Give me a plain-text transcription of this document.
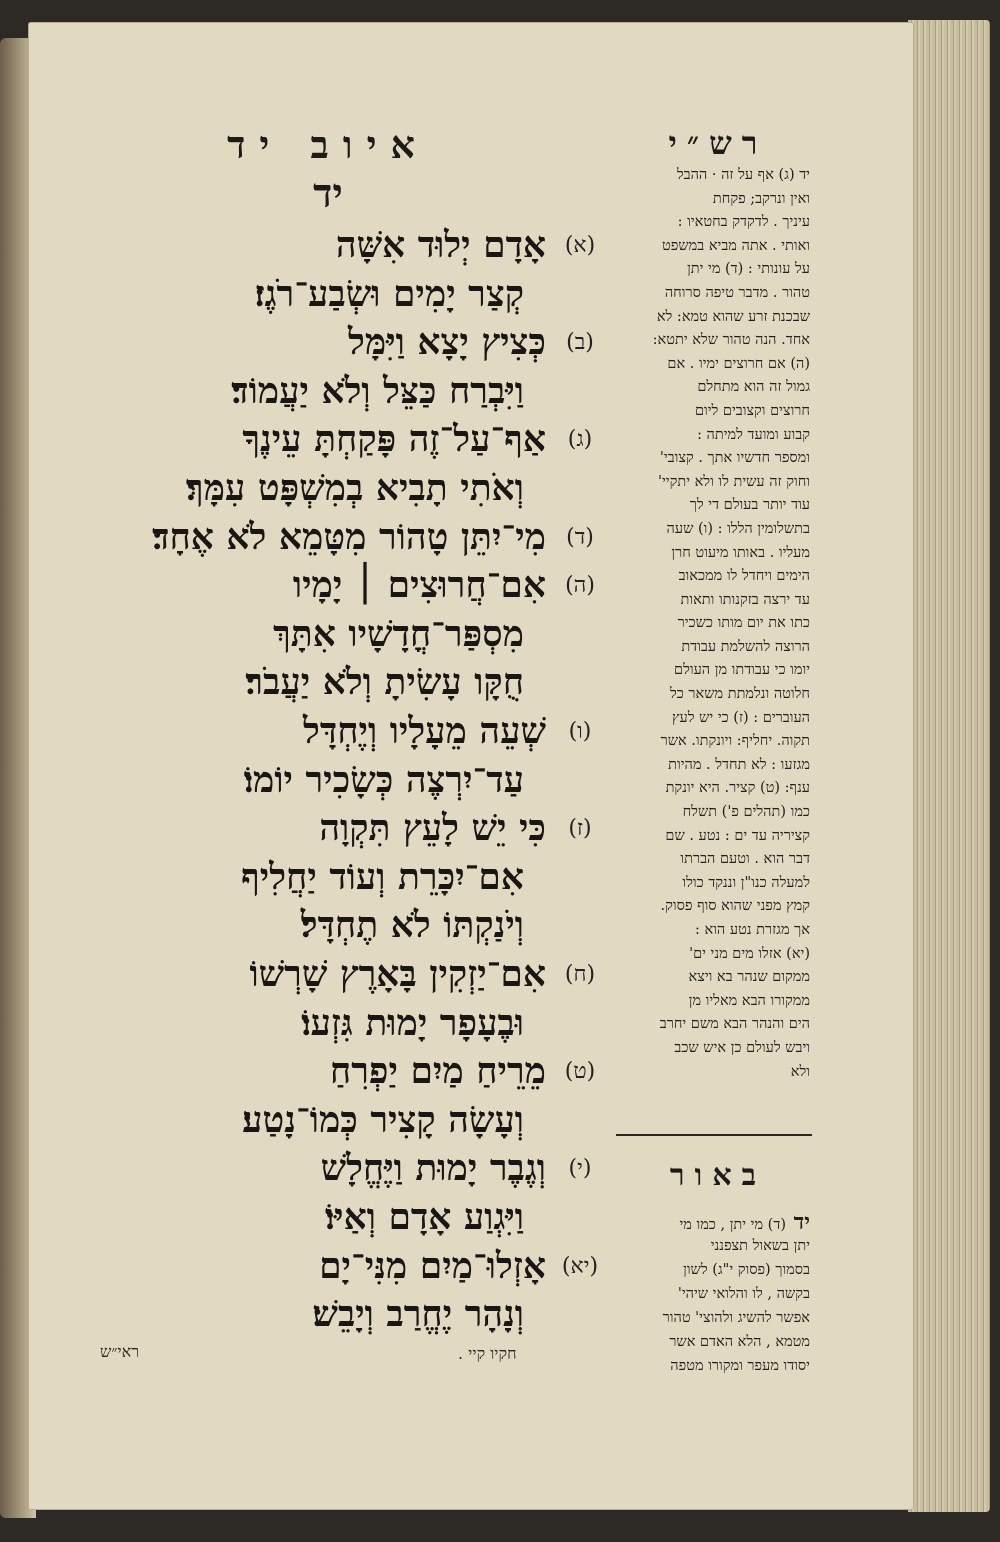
איוב יד
יד
רש״י
אָדָם יְלוּד אִשָּׁה (א)
קְצַר יָמִים וּשְׂבַע־רֹגֶז׃
כְּצִיץ יָצָא וַיִּמָּל (ב)
וַיִּבְרַח כַּצֵּל וְלֹא יַעֲמוֹד׃
אַף־עַל־זֶה פָּקַחְתָּ עֵינֶךָ (ג)
וְאֹתִי תָבִיא בְמִשְׁפָּט עִמָּךְ׃
מִי־יִתֵּן טָהוֹר מִטָּמֵא לֹא אֶחָד׃ (ד)
אִם־חֲרוּצִים ׀ יָמָיו (ה)
מִסְפַּר־חֳדָשָׁיו אִתָּךְ
חֻקָּו עָשִׂיתָ וְלֹא יַעֲבֹר׃
שְׁעֵה מֵעָלָיו וְיֶחְדָּל	(ו)
עַד־יִרְצֶה כְּשָׂכִיר יוֹמוֹ׃
כִּי יֵשׁ לָעֵץ תִּקְוָה	(ז)
אִם־יִכָּרֵת וְעוֹד יַחֲלִיף
וְיֹנַקְתּוֹ לֹא תֶחְדָּל׃
אִם־יַזְקִין בָּאָרֶץ שָׁרְשׁוֹ (ח)
וּבֶעָפָר יָמוּת גִּזְעוֹ׃
מֵרֵיחַ מַיִם יַפְרִחַ (ט)
וְעָשָׂה קָצִיר כְּמוֹ־נָטַע׃
וְגֶבֶר יָמוּת וַיֶּחֱלָשׁ	(י)
וַיִּגְוַע אָדָם וְאַיּוֹ׃
אָזְלוּ־מַיִם מִנִּי־יָם (יא)
וְנָהָר יֶחֱרַב וְיָבֵשׁ׃
יד (ג) אף על זה · ההבל
ואין ונרקב; פקחת
עיניך . לדקדק בחטאיו :
ואותי . אתה מביא במשפט
על עונותי : (ד) מי יתן
טהור . מדבר טיפה סרוחה
שבכנת זרע שהוא טמא: לא
אחד. הנה טהור שלא יתטא:
(ה) אם חרוצים ימיו . אם
גמול זה הוא מתחלם
חרוצים וקצובים ליום
קבוע ומועד למיתה :
ומספר חדשיו אתך . קצובי'
וחוק זה עשית לו ולא יתקיי'
עוד יותר בעולם די לך
בתשלומין הללו : (ו) שעה
מעליו . באותו מיעוט חרן
הימים ויחדל לו ממכאוב
עד ירצה בזקנותו ותאות
כתו את יום מותו כשכיר
הרוצה להשלמת עבודת
יומו כי עבודתו מן העולם
חלוטה ונלמתת משאר כל
העוברים : (ז) כי יש לעץ
תקוה. יחליף: ויונקתו. אשר
מגזעו : לא תחדל . מהיות
ענף: (ט) קציר. היא יונקת
כמו (תהלים פ') תשלח
קציריה עד ים : נטע . שם
דבר הוא . וטעם הברתו
למעלה כנו"ן וננקד כולו
קמץ מפני שהוא סוף פסוק.
אך מגזרת נטע הוא :
(יא) אזלו מים מני ים'
ממקום שנהר בא ויצא
ממקורו הבא מאליו מן
הים והנהר הבא משם יחרב
ויבש לעולם כן איש שכב
ולא
באור
יד (ד) מי יתן , כמו מי
יתן בשאול תצפנני
בסמוך (פסוק י"ג) לשון
בקשה , לו והלואי שיהי'
אפשר להשיג ולהוצי' טהור
מטמא , הלא האדם אשר
יסודו מעפר ומקורו מטפה
ראי״ש	חקיו קיי .
